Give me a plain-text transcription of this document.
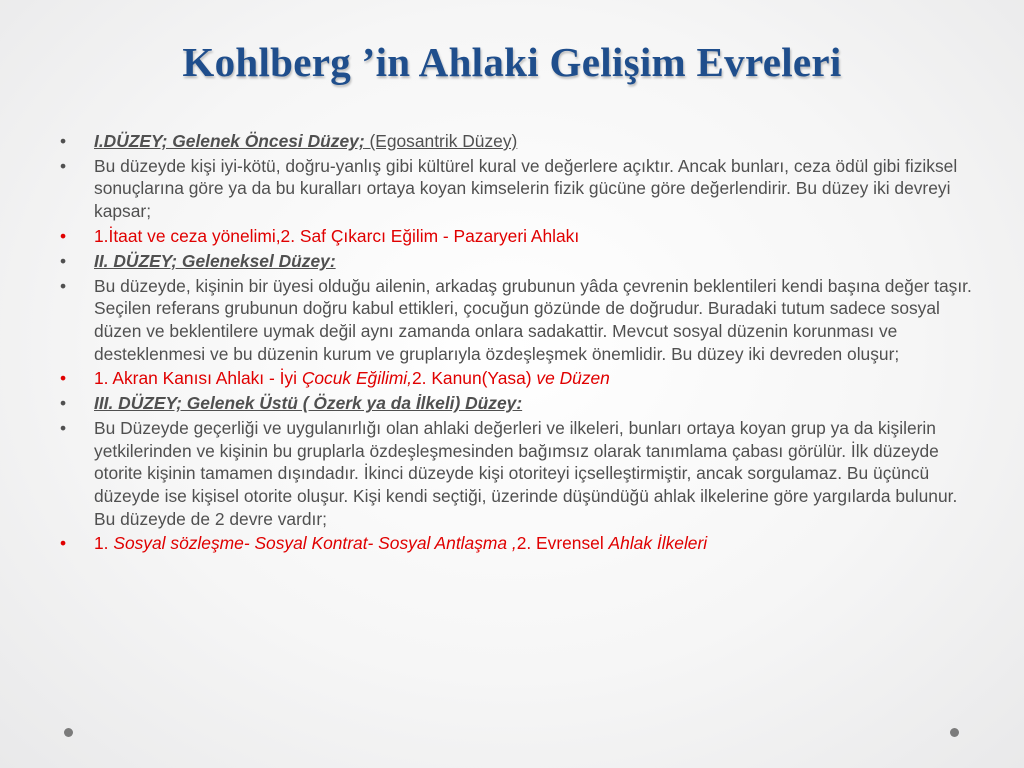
Kohlberg ’in Ahlaki Gelişim Evreleri
• I.DÜZEY; Gelenek Öncesi Düzey; (Egosantrik Düzey)
• Bu düzeyde kişi iyi-kötü, doğru-yanlış gibi kültürel kural ve değerlere açıktır. Ancak bunları, ceza ödül gibi fiziksel sonuçlarına göre ya da bu kuralları ortaya koyan kimselerin fizik gücüne göre değerlendirir. Bu düzey iki devreyi kapsar;
• 1.İtaat ve ceza yönelimi,2. Saf Çıkarcı Eğilim - Pazaryeri Ahlakı
• II. DÜZEY; Geleneksel Düzey:
• Bu düzeyde, kişinin bir üyesi olduğu ailenin, arkadaş grubunun yâda çevrenin beklentileri kendi başına değer taşır. Seçilen referans grubunun doğru kabul ettikleri, çocuğun gözünde de doğrudur. Buradaki tutum sadece sosyal düzen ve beklentilere uymak değil aynı zamanda onlara sadakattir. Mevcut sosyal düzenin korunması ve desteklenmesi ve bu düzenin kurum ve gruplarıyla özdeşleşmek önemlidir. Bu düzey iki devreden oluşur;
• 1. Akran Kanısı Ahlakı - İyi Çocuk Eğilimi,2. Kanun(Yasa) ve Düzen
• III. DÜZEY; Gelenek Üstü ( Özerk ya da İlkeli) Düzey:
• Bu Düzeyde geçerliği ve uygulanırlığı olan ahlaki değerleri ve ilkeleri, bunları ortaya koyan grup ya da kişilerin yetkilerinden ve kişinin bu gruplarla özdeşleşmesinden bağımsız olarak tanımlama çabası görülür. İlk düzeyde otorite kişinin tamamen dışındadır. İkinci düzeyde kişi otoriteyi içselleştirmiştir, ancak sorgulamaz. Bu üçüncü düzeyde ise kişisel otorite oluşur. Kişi kendi seçtiği, üzerinde düşündüğü ahlak ilkelerine göre yargılarda bulunur. Bu düzeyde de 2 devre vardır;
• 1. Sosyal sözleşme- Sosyal Kontrat- Sosyal Antlaşma ,2. Evrensel Ahlak İlkeleri
